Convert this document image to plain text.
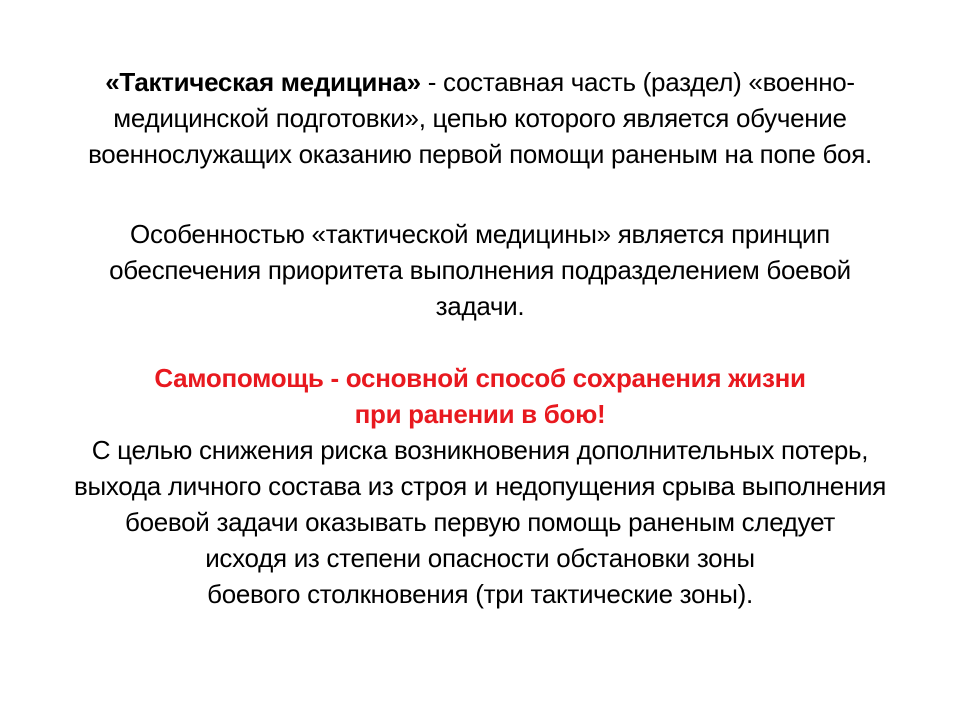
«Тактическая медицина» - составная часть (раздел) «военно-
медицинской подготовки», цепью которого является обучение
военнослужащих оказанию первой помощи раненым на попе боя.
Особенностью «тактической медицины» является принцип
обеспечения приоритета выполнения подразделением боевой
задачи.
Самопомощь - основной способ сохранения жизни
при ранении в бою!
С целью снижения риска возникновения дополнительных потерь,
выхода личного состава из строя и недопущения срыва выполнения
боевой задачи оказывать первую помощь раненым следует
исходя из степени опасности обстановки зоны
боевого столкновения (три тактические зоны).
